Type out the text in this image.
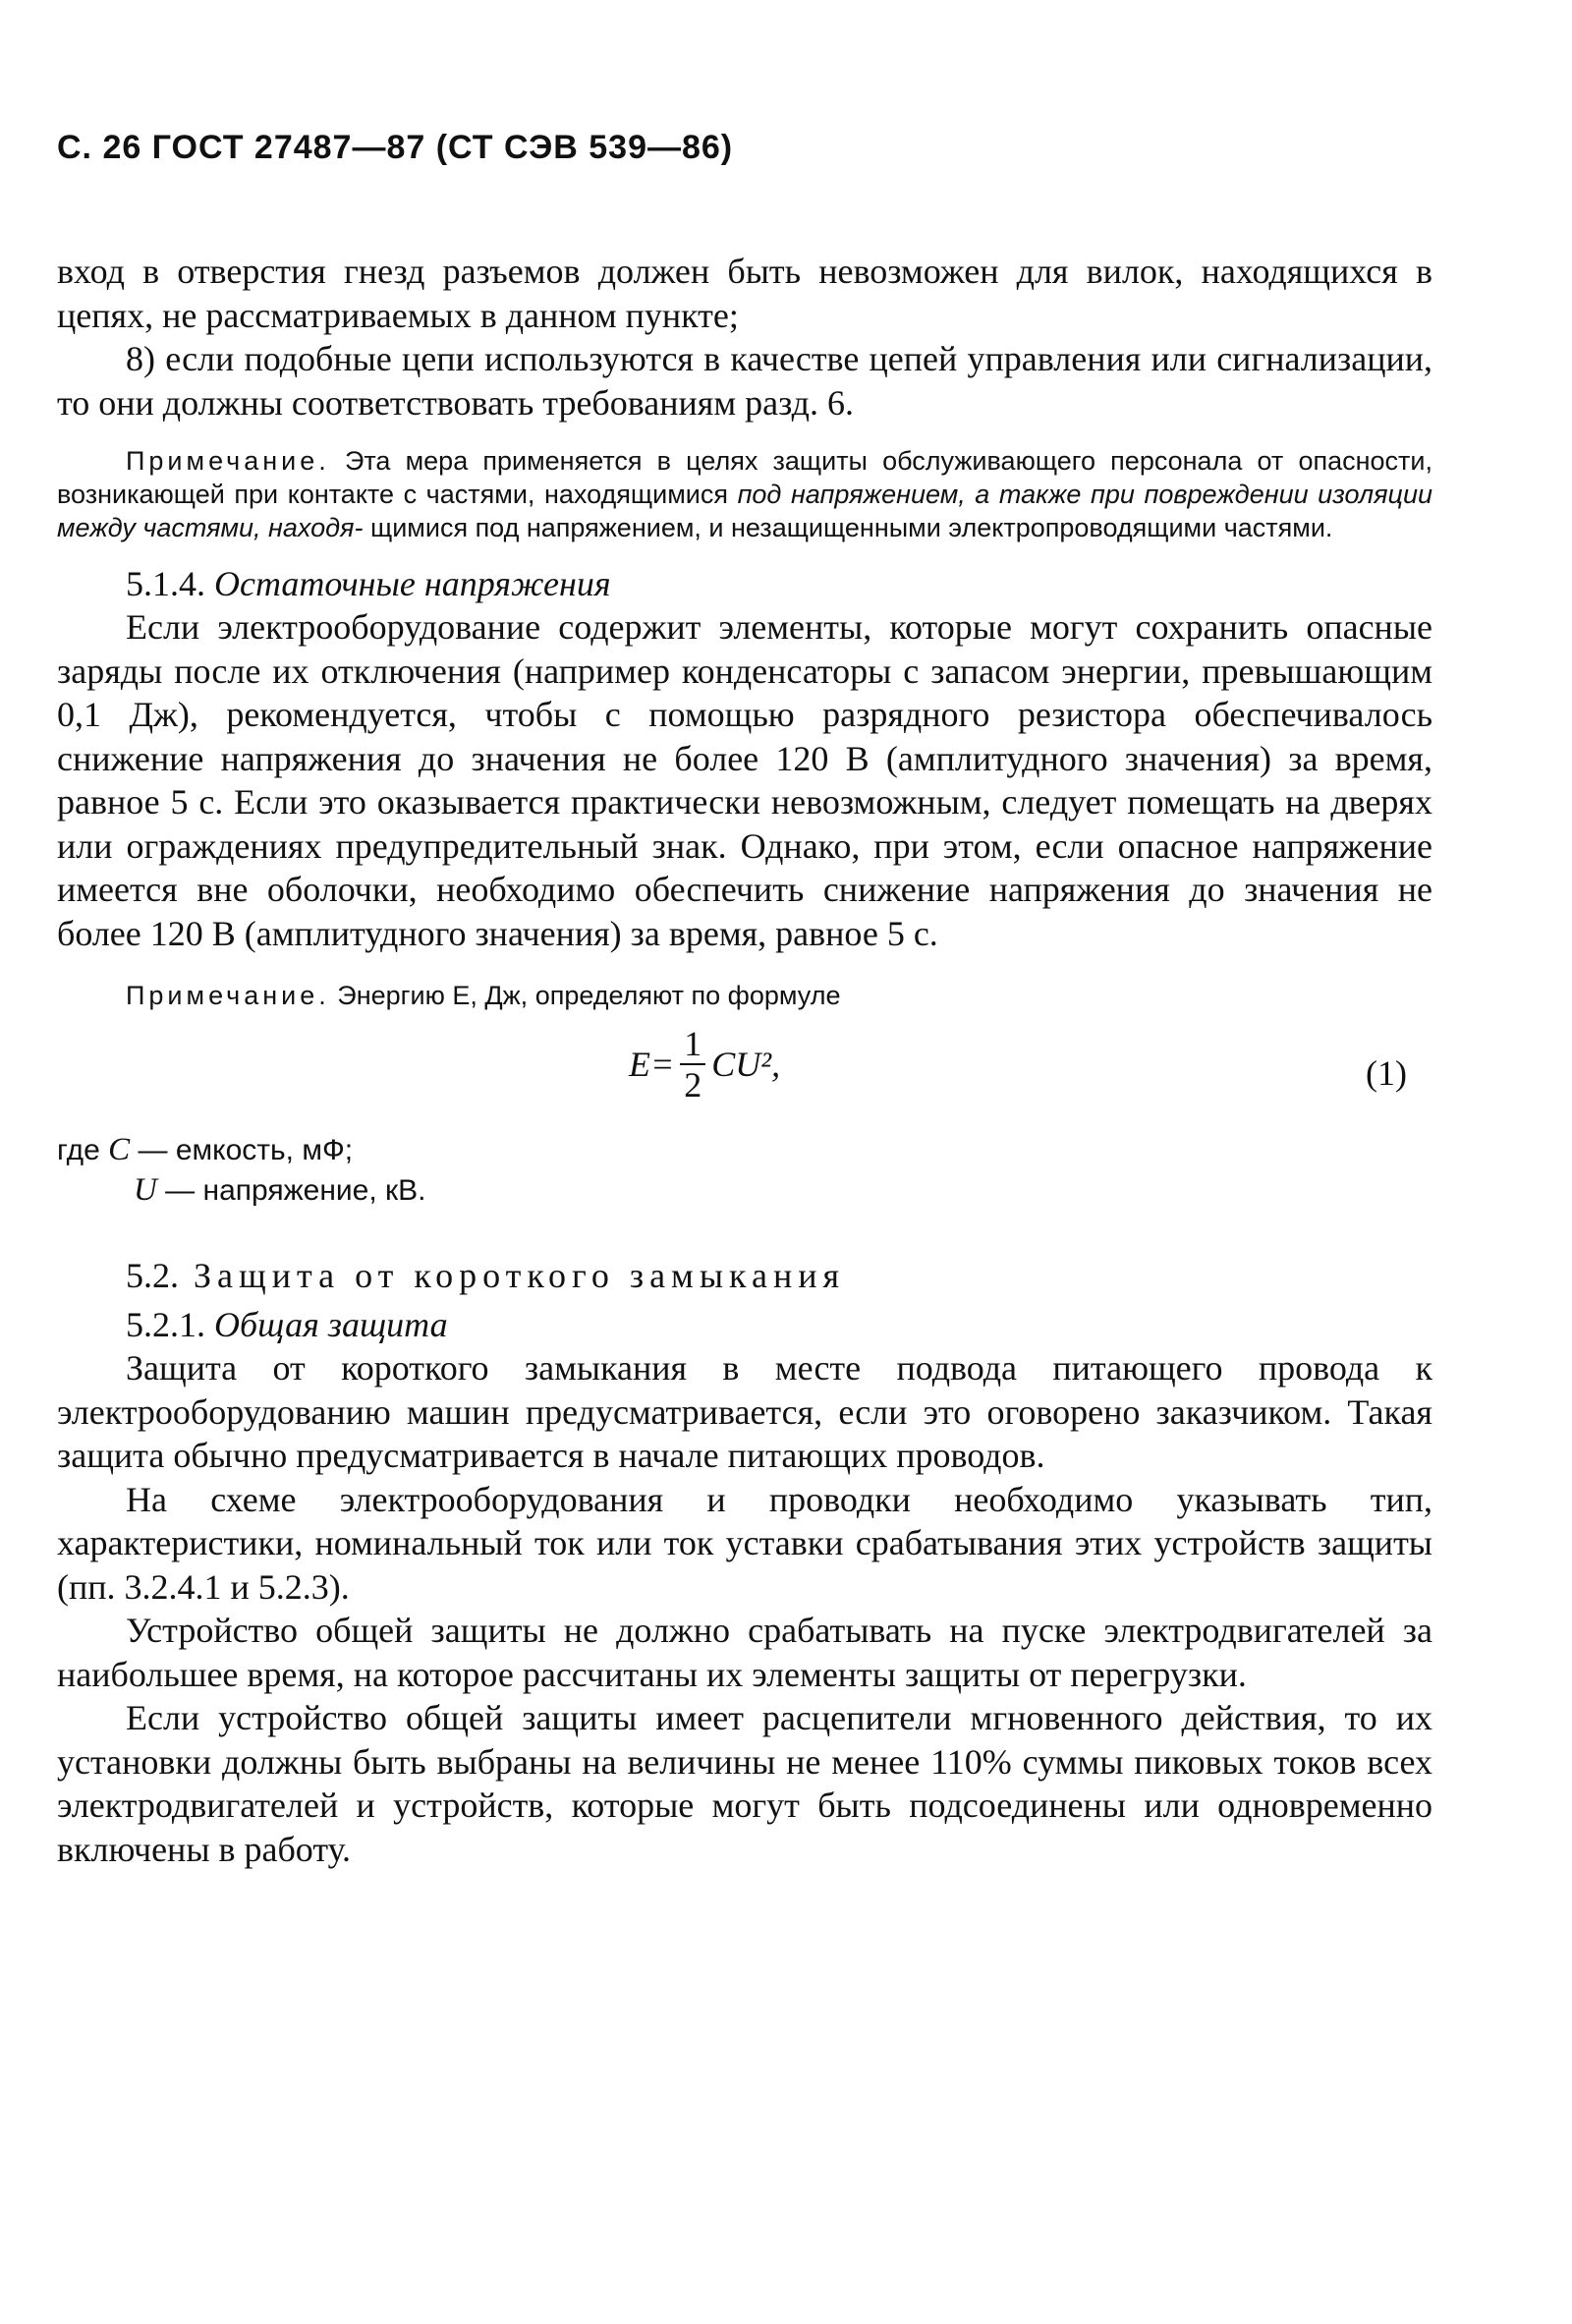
С. 26 ГОСТ 27487—87 (СТ СЭВ 539—86)

вход в отверстия гнезд разъемов должен быть невозможен для вилок, находящихся в цепях, не рассматриваемых в данном пункте;

8) если подобные цепи используются в качестве цепей управления или сигнализации, то они должны соответствовать требованиям разд. 6.

Примечание. Эта мера применяется в целях защиты обслуживающего персонала от опасности, возникающей при контакте с частями, находящимися под напряжением, а также при повреждении изоляции между частями, находя- щимися под напряжением, и незащищенными электропроводящими частями.

5.1.4. Остаточные напряжения

Если электрооборудование содержит элементы, которые могут сохранить опасные заряды после их отключения (например конденсаторы с запасом энергии, превышающим 0,1 Дж), рекомендуется, чтобы с помощью разрядного резистора обеспечивалось снижение напряжения до значения не более 120 В (амплитудного значения) за время, равное 5 с. Если это оказывается практически невозможным, следует помещать на дверях или ограждениях предупредительный знак. Однако, при этом, если опасное напряжение имеется вне оболочки, необходимо обеспечить снижение напряжения до значения не более 120 В (амплитудного значения) за время, равное 5 с.

Примечание. Энергию E, Дж, определяют по формуле

$E= \frac{1}{2} CU^2$,	(1)
где C — емкость, мФ;
U — напряжение, кВ.

5.2. Защита от короткого замыкания

5.2.1. Общая защита

Защита от короткого замыкания в месте подвода питающего провода к электрооборудованию машин предусматривается, если это оговорено заказчиком. Такая защита обычно предусматривается в начале питающих проводов.

На схеме электрооборудования и проводки необходимо указывать тип, характеристики, номинальный ток или ток уставки срабатывания этих устройств защиты (пп. 3.2.4.1 и 5.2.3).

Устройство общей защиты не должно срабатывать на пуске электродвигателей за наибольшее время, на которое рассчитаны их элементы защиты от перегрузки.

Если устройство общей защиты имеет расцепители мгновенного действия, то их установки должны быть выбраны на величины не менее 110% суммы пиковых токов всех электродвигателей и устройств, которые могут быть подсоединены или одновременно включены в работу.
